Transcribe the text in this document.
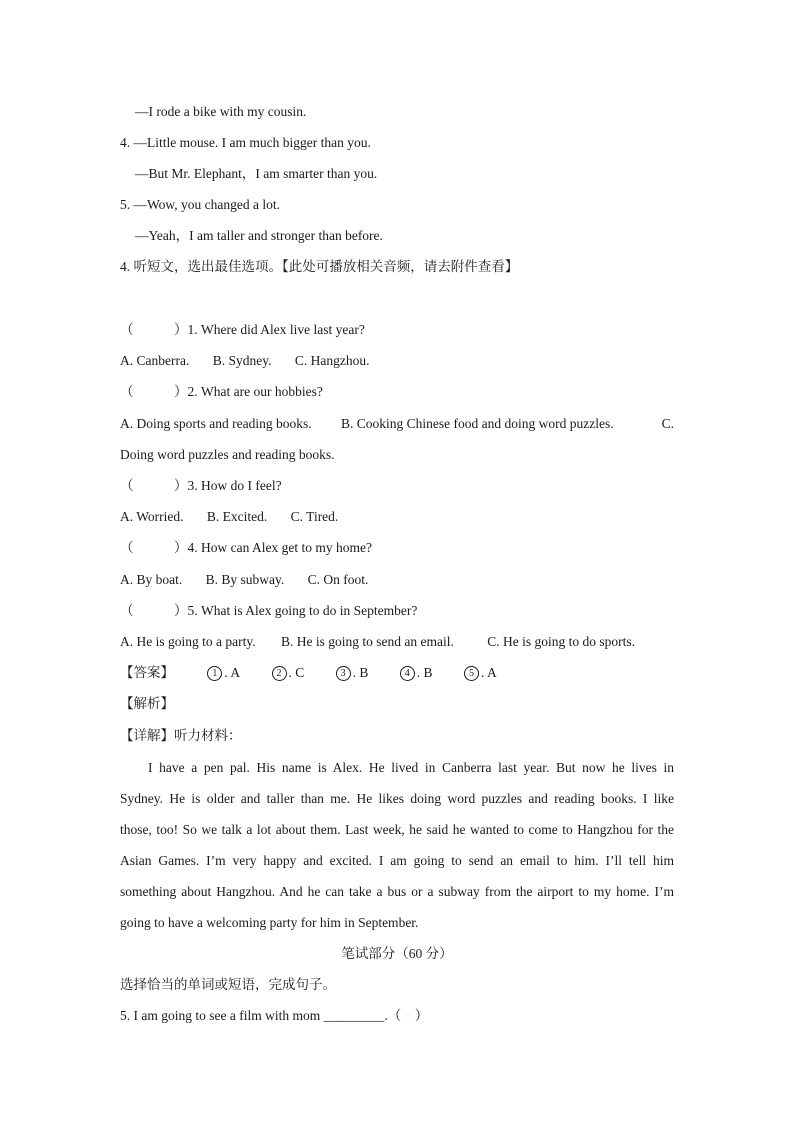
—I rode a bike with my cousin.
4. —Little mouse. I am much bigger than you.
—But Mr. Elephant，I am smarter than you.
5. —Wow, you changed a lot.
—Yeah，I am taller and stronger than before.
4. 听短文，选出最佳选项。【此处可播放相关音频，请去附件查看】
（　　　）1. Where did Alex live last year?
A. Canberra. B. Sydney. C. Hangzhou.
（　　　）2. What are our hobbies?
A. Doing sports and reading books. B. Cooking Chinese food and doing word puzzles.	C.
Doing word puzzles and reading books.
（　　　）3. How do I feel?
A. Worried. B. Excited. C. Tired.
（　　　）4. How can Alex get to my home?
A. By boat. B. By subway. C. On foot.
（　　　）5. What is Alex going to do in September?
A. He is going to a party. B. He is going to send an email. C. He is going to do sports.
【答案】	1 . A	2 . C	3 . B	4 . B	5 . A
【解析】
【详解】听力材料：
I have a pen pal. His name is Alex. He lived in Canberra last year. But now he lives in
Sydney. He is older and taller than me. He likes doing word puzzles and reading books. I like
those, too! So we talk a lot about them. Last week, he said he wanted to come to Hangzhou for the
Asian Games. I’m very happy and excited. I am going to send an email to him. I’ll tell him
something about Hangzhou. And he can take a bus or a subway from the airport to my home. I’m
going to have a welcoming party for him in September.
笔试部分（60 分）
选择恰当的单词或短语，完成句子。
5. I am going to see a film with mom _________.（　）
